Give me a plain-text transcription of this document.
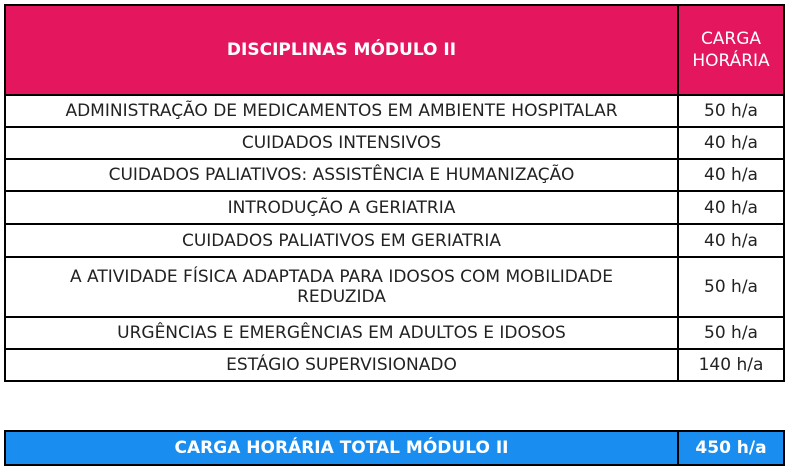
DISCIPLINAS MÓDULO II	CARGA
HORÁRIA
ADMINISTRAÇÃO DE MEDICAMENTOS EM AMBIENTE HOSPITALAR	50 h/a
CUIDADOS INTENSIVOS	40 h/a
CUIDADOS PALIATIVOS: ASSISTÊNCIA E HUMANIZAÇÃO	40 h/a
INTRODUÇÃO A GERIATRIA	40 h/a
CUIDADOS PALIATIVOS EM GERIATRIA	40 h/a
A ATIVIDADE FÍSICA ADAPTADA PARA IDOSOS COM MOBILIDADE
REDUZIDA	50 h/a
URGÊNCIAS E EMERGÊNCIAS EM ADULTOS E IDOSOS	50 h/a
ESTÁGIO SUPERVISIONADO	140 h/a
CARGA HORÁRIA TOTAL MÓDULO II	450 h/a
